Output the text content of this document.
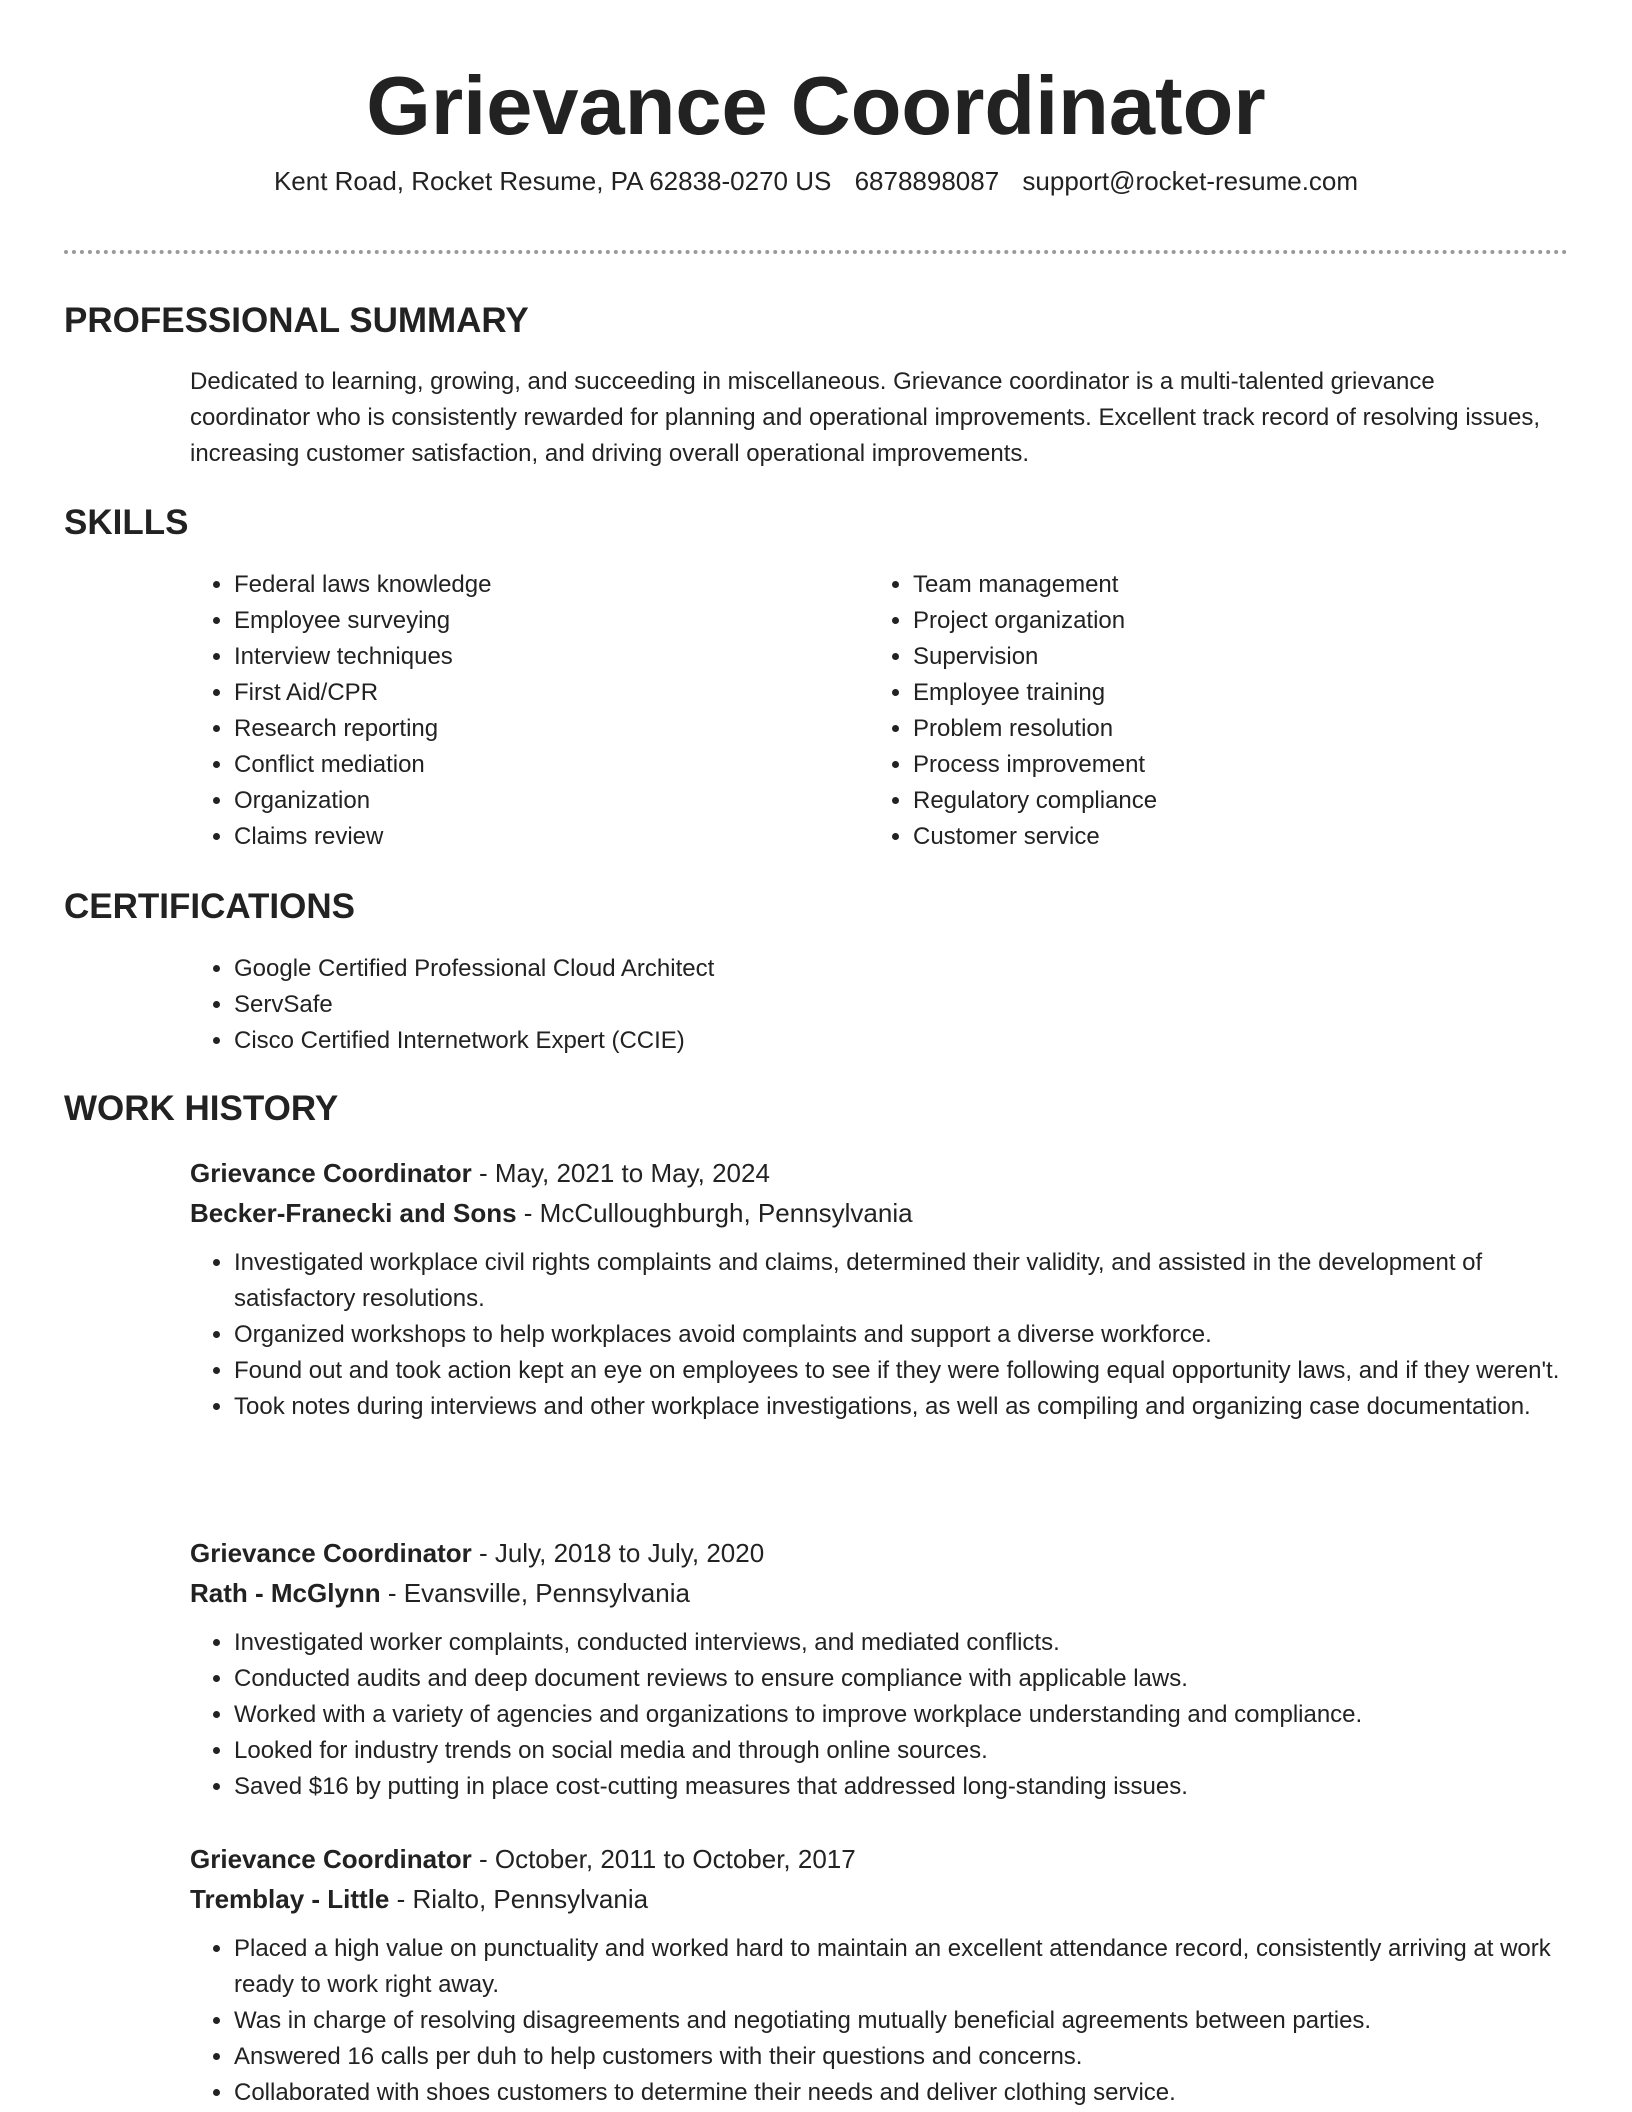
Grievance Coordinator

Kent Road, Rocket Resume, PA 62838-0270 US 6878898087 support@rocket-resume.com

PROFESSIONAL SUMMARY

Dedicated to learning, growing, and succeeding in miscellaneous. Grievance coordinator is a multi-talented grievance coordinator who is consistently rewarded for planning and operational improvements. Excellent track record of resolving issues, increasing customer satisfaction, and driving overall operational improvements.

SKILLS
• Federal laws knowledge
• Employee surveying
• Interview techniques
• First Aid/CPR
• Research reporting
• Conflict mediation
• Organization
• Claims review
• Team management
• Project organization
• Supervision
• Employee training
• Problem resolution
• Process improvement
• Regulatory compliance
• Customer service
CERTIFICATIONS
• Google Certified Professional Cloud Architect
• ServSafe
• Cisco Certified Internetwork Expert (CCIE)
WORK HISTORY

Grievance Coordinator - May, 2021 to May, 2024

Becker-Franecki and Sons - McCulloughburgh, Pennsylvania

• Investigated workplace civil rights complaints and claims, determined their validity, and assisted in the development of satisfactory resolutions.
• Organized workshops to help workplaces avoid complaints and support a diverse workforce.
• Found out and took action kept an eye on employees to see if they were following equal opportunity laws, and if they weren't.
• Took notes during interviews and other workplace investigations, as well as compiling and organizing case documentation.

Grievance Coordinator - July, 2018 to July, 2020

Rath - McGlynn - Evansville, Pennsylvania

• Investigated worker complaints, conducted interviews, and mediated conflicts.
• Conducted audits and deep document reviews to ensure compliance with applicable laws.
• Worked with a variety of agencies and organizations to improve workplace understanding and compliance.
• Looked for industry trends on social media and through online sources.
• Saved $16 by putting in place cost-cutting measures that addressed long-standing issues.

Grievance Coordinator - October, 2011 to October, 2017

Tremblay - Little - Rialto, Pennsylvania

• Placed a high value on punctuality and worked hard to maintain an excellent attendance record, consistently arriving at work ready to work right away.
• Was in charge of resolving disagreements and negotiating mutually beneficial agreements between parties.
• Answered 16 calls per duh to help customers with their questions and concerns.
• Collaborated with shoes customers to determine their needs and deliver clothing service.
